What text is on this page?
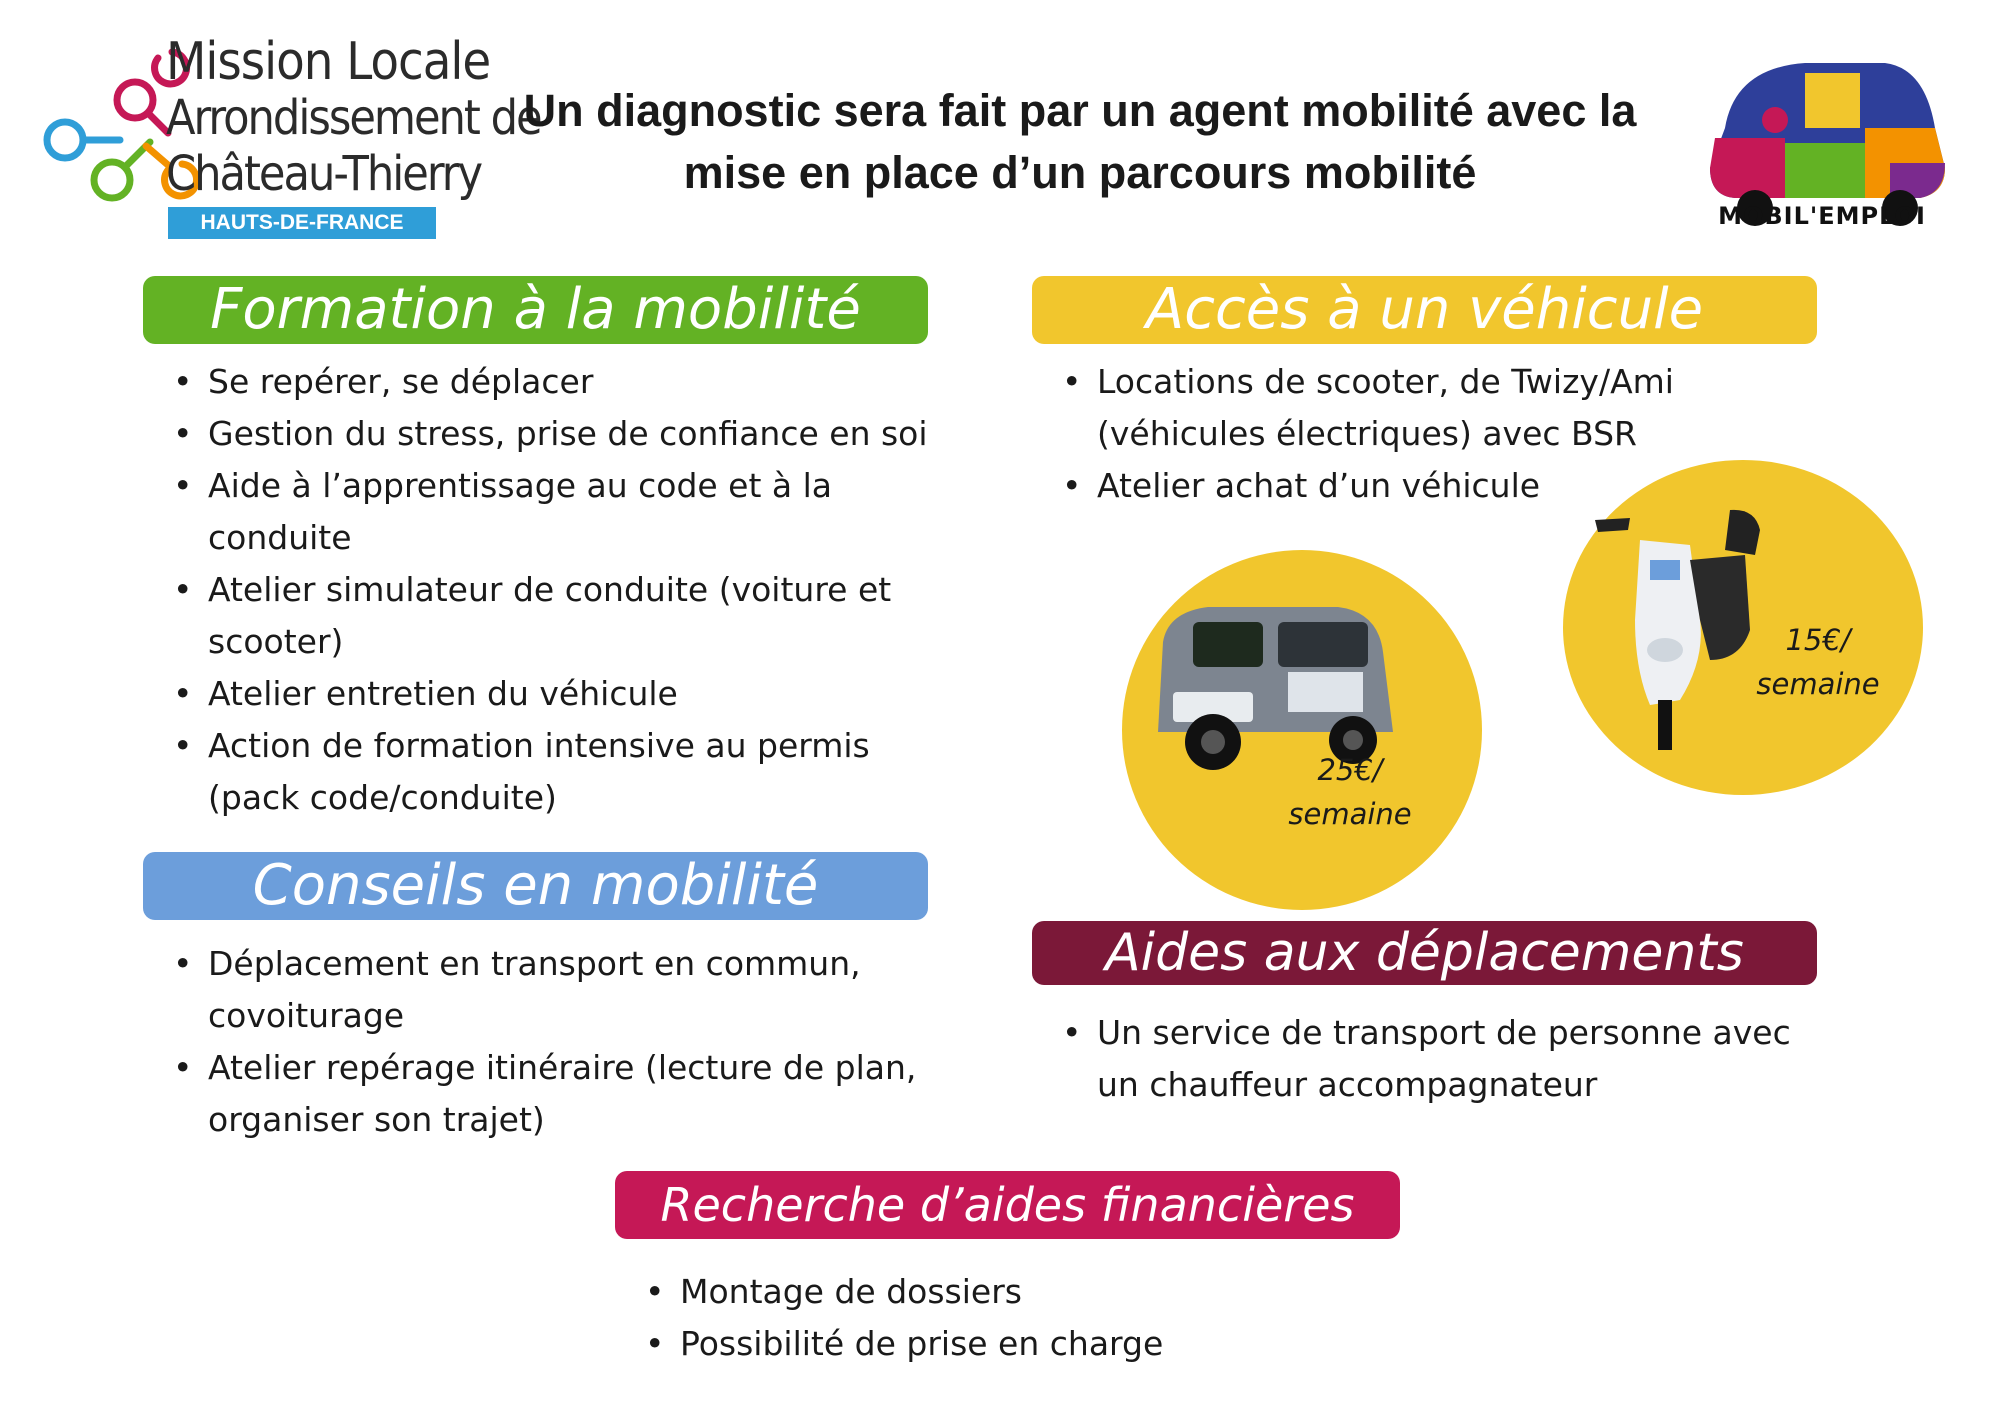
Mission Locale
Arrondissement de
Château-Thierry
HAUTS-DE-FRANCE
Un diagnostic sera fait par un agent mobilité avec la mise en place d’un parcours mobilité
MOBIL'EMPLOI
Formation à la mobilité
• Se repérer, se déplacer
• Gestion du stress, prise de confiance en soi
• Aide à l’apprentissage au code et à la conduite
• Atelier simulateur de conduite (voiture et scooter)
• Atelier entretien du véhicule
• Action de formation intensive au permis (pack code/conduite)
Accès à un véhicule
• Locations de scooter, de Twizy/Ami (véhicules électriques) avec BSR
• Atelier achat d’un véhicule
25€/ semaine
15€/ semaine
Conseils en mobilité
• Déplacement en transport en commun, covoiturage
• Atelier repérage itinéraire (lecture de plan, organiser son trajet)
Aides aux déplacements
• Un service de transport de personne avec un chauffeur accompagnateur
Recherche d’aides financières
• Montage de dossiers
• Possibilité de prise en charge
